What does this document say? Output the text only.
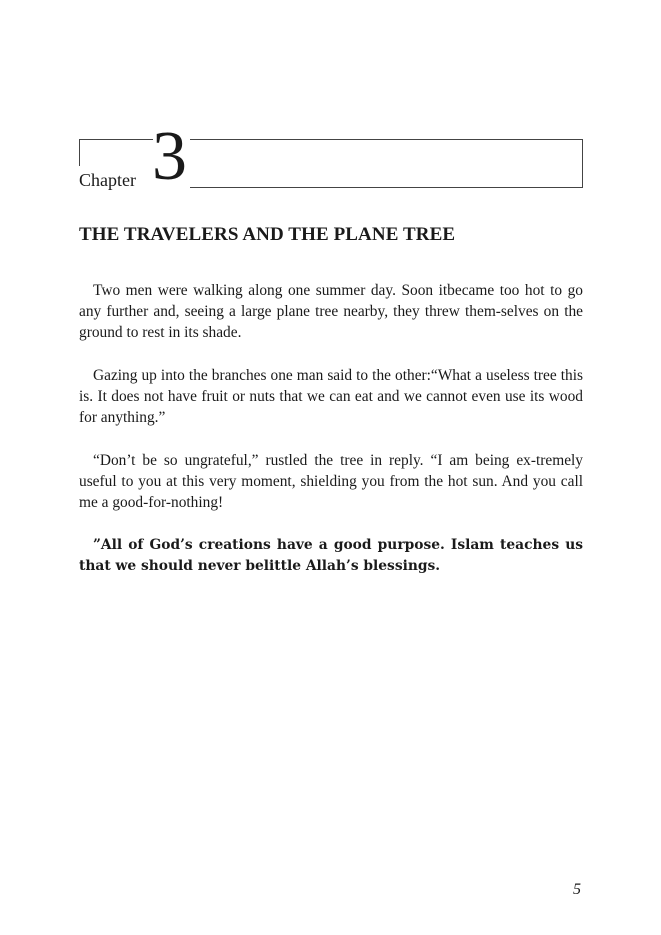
Chapter 3
THE TRAVELERS AND THE PLANE TREE

Two men were walking along one summer day. Soon itbecame too hot to go any further and, seeing a large plane tree nearby, they threw them-selves on the ground to rest in its shade.

Gazing up into the branches one man said to the other:“What a useless tree this is. It does not have fruit or nuts that we can eat and we cannot even use its wood for anything.”

“Don’t be so ungrateful,” rustled the tree in reply. “I am being ex-tremely useful to you at this very moment, shielding you from the hot sun. And you call me a good-for-nothing!

”All of God’s creations have a good purpose. Islam teaches us that we should never belittle Allah’s blessings.

5
